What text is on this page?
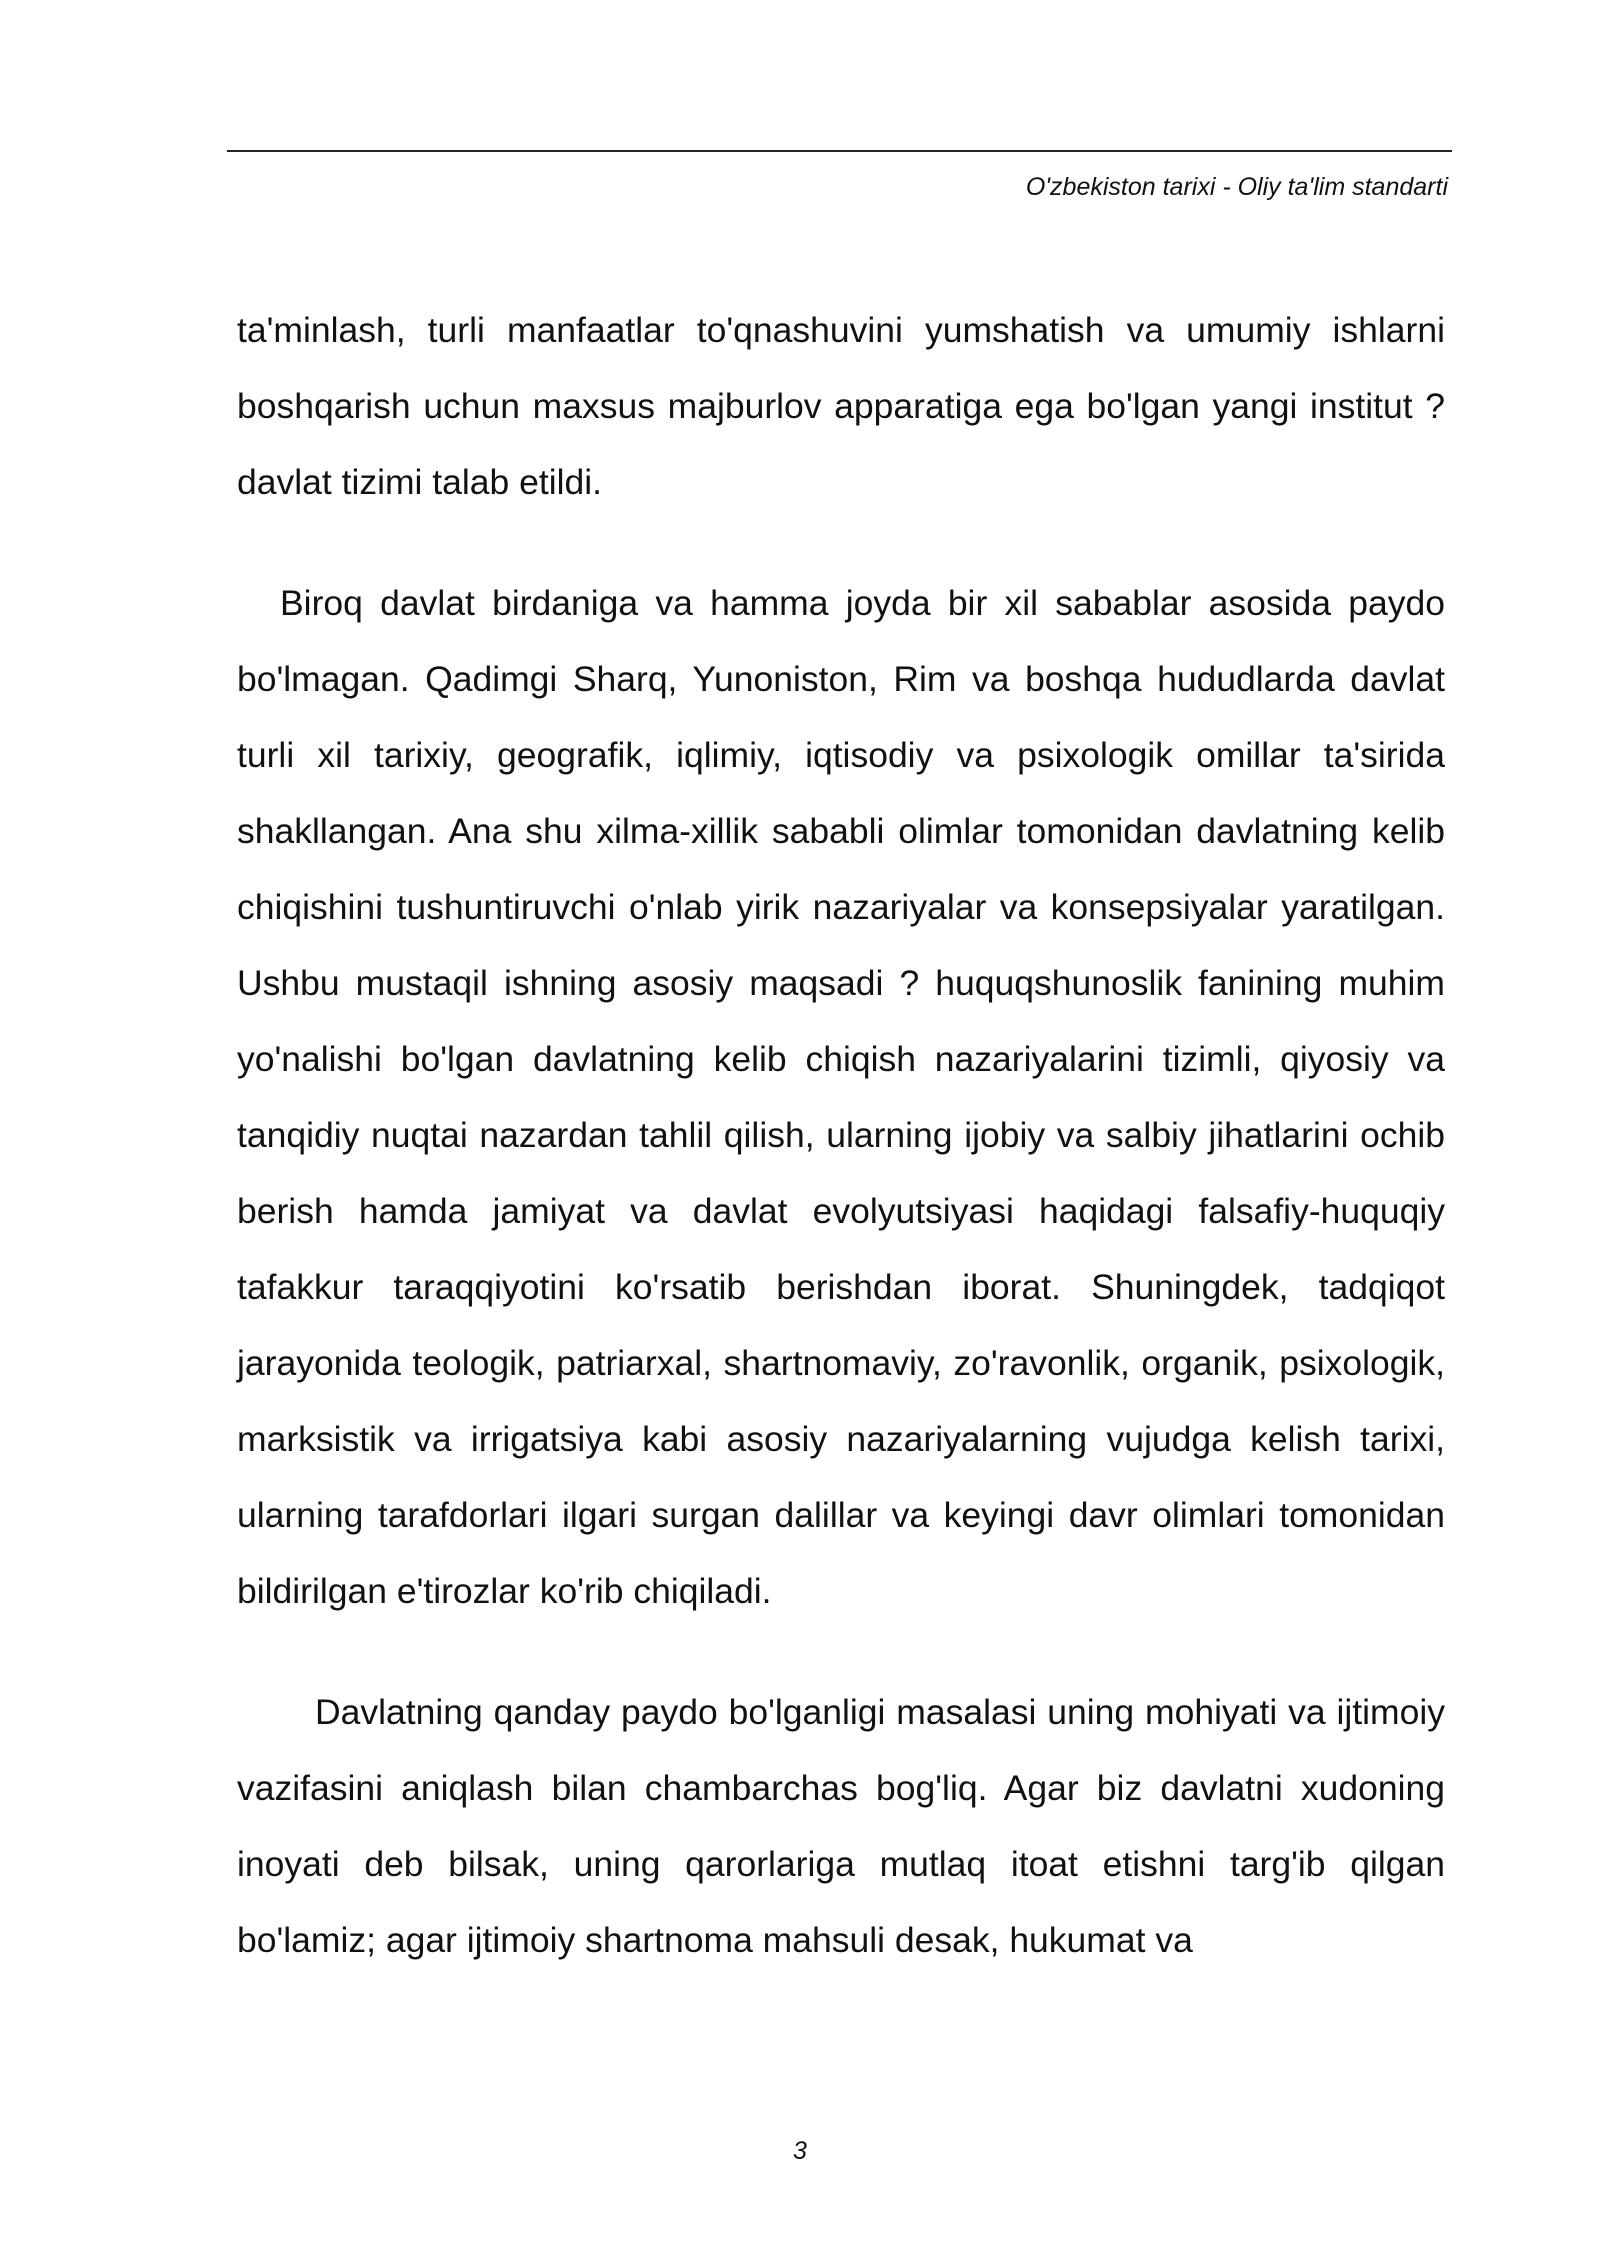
O'zbekiston tarixi - Oliy ta'lim standarti

ta'minlash, turli manfaatlar to'qnashuvini yumshatish va umumiy ishlarni boshqarish uchun maxsus majburlov apparatiga ega bo'lgan yangi institut ? davlat tizimi talab etildi.

Biroq davlat birdaniga va hamma joyda bir xil sabablar asosida paydo bo'lmagan. Qadimgi Sharq, Yunoniston, Rim va boshqa hududlarda davlat turli xil tarixiy, geografik, iqlimiy, iqtisodiy va psixologik omillar ta'sirida shakllangan. Ana shu xilma-xillik sababli olimlar tomonidan davlatning kelib chiqishini tushuntiruvchi o'nlab yirik nazariyalar va konsepsiyalar yaratilgan. Ushbu mustaqil ishning asosiy maqsadi ? huquqshunoslik fanining muhim yo'nalishi bo'lgan davlatning kelib chiqish nazariyalarini tizimli, qiyosiy va tanqidiy nuqtai nazardan tahlil qilish, ularning ijobiy va salbiy jihatlarini ochib berish hamda jamiyat va davlat evolyutsiyasi haqidagi falsafiy-huquqiy tafakkur taraqqiyotini ko'rsatib berishdan iborat. Shuningdek, tadqiqot jarayonida teologik, patriarxal, shartnomaviy, zo'ravonlik, organik, psixologik, marksistik va irrigatsiya kabi asosiy nazariyalarning vujudga kelish tarixi, ularning tarafdorlari ilgari surgan dalillar va keyingi davr olimlari tomonidan bildirilgan e'tirozlar ko'rib chiqiladi.

Davlatning qanday paydo bo'lganligi masalasi uning mohiyati va ijtimoiy vazifasini aniqlash bilan chambarchas bog'liq. Agar biz davlatni xudoning inoyati deb bilsak, uning qarorlariga mutlaq itoat etishni targ'ib qilgan bo'lamiz; agar ijtimoiy shartnoma mahsuli desak, hukumat va

3
